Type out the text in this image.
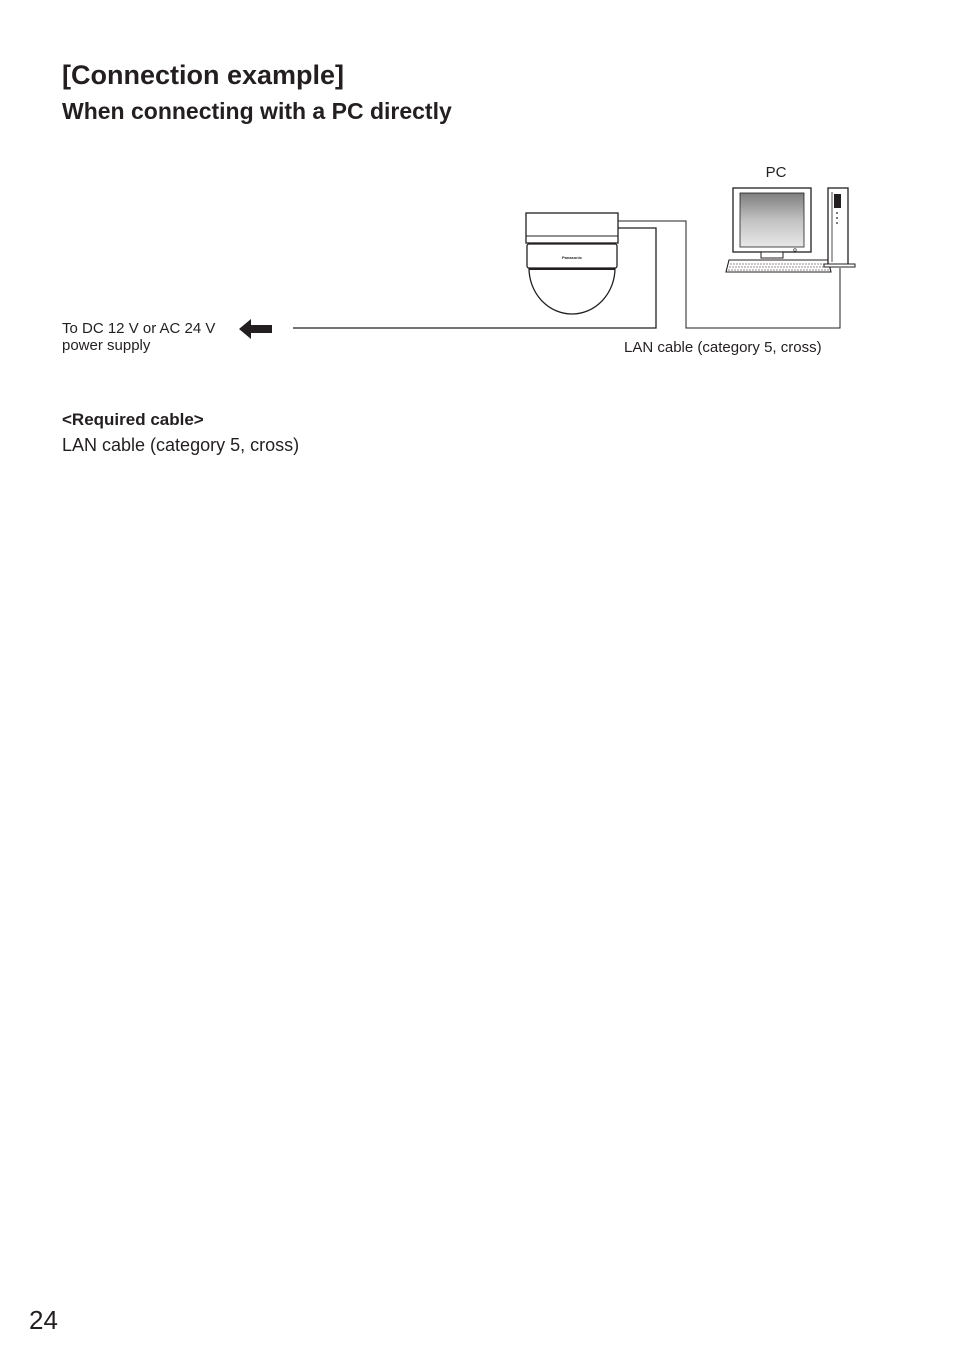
[Connection example]
When connecting with a PC directly
Panasonic
PC
To DC 12 V or AC 24 V
power supply	LAN cable (category 5, cross)
<Required cable>
LAN cable (category 5, cross)
24
